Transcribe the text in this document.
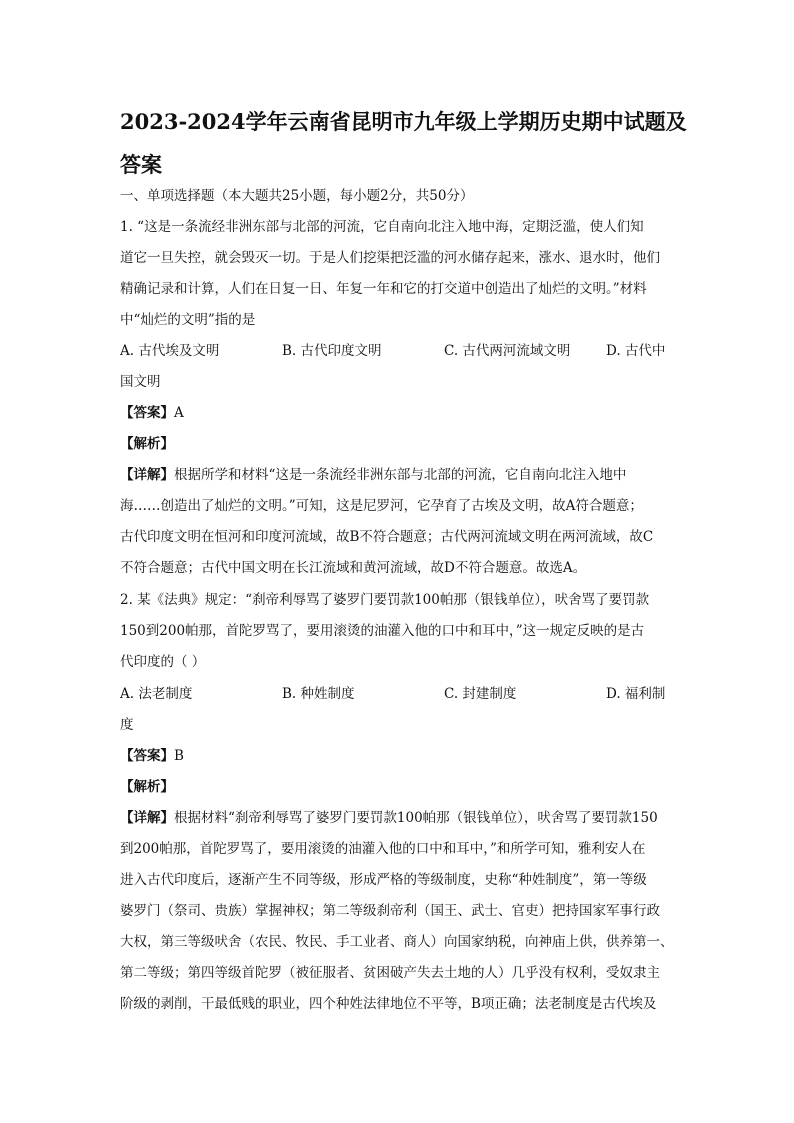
2023-2024学年云南省昆明市九年级上学期历史期中试题及
答案

一、单项选择题（本大题共25小题，每小题2分，共50分）

1. “这是一条流经非洲东部与北部的河流，它自南向北注入地中海，定期泛滥，使人们知

道它一旦失控，就会毁灭一切。于是人们挖渠把泛滥的河水储存起来，涨水、退水时，他们

精确记录和计算，人们在日复一日、年复一年和它的打交道中创造出了灿烂的文明。”材料

中“灿烂的文明”指的是

A. 古代埃及文明	B. 古代印度文明	C. 古代两河流域文明	D. 古代中

国文明

【答案】A

【解析】

【详解】根据所学和材料“这是一条流经非洲东部与北部的河流，它自南向北注入地中

海……创造出了灿烂的文明。”可知，这是尼罗河，它孕育了古埃及文明，故A符合题意；

古代印度文明在恒河和印度河流域，故B不符合题意；古代两河流域文明在两河流域，故C

不符合题意；古代中国文明在长江流域和黄河流域，故D不符合题意。故选A。

2. 某《法典》规定：“刹帝利辱骂了婆罗门要罚款100帕那（银钱单位），吠舍骂了要罚款

150到200帕那，首陀罗骂了，要用滚烫的油灌入他的口中和耳中，”这一规定反映的是古

代印度的（ ）

A. 法老制度	B. 种姓制度	C. 封建制度	D. 福利制

度

【答案】B

【解析】

【详解】根据材料“刹帝利辱骂了婆罗门要罚款100帕那（银钱单位），吠舍骂了要罚款150

到200帕那，首陀罗骂了，要用滚烫的油灌入他的口中和耳中，”和所学可知，雅利安人在

进入古代印度后，逐渐产生不同等级，形成严格的等级制度，史称“种姓制度”，第一等级

婆罗门（祭司、贵族）掌握神权；第二等级刹帝利（国王、武士、官吏）把持国家军事行政

大权，第三等级吠舍（农民、牧民、手工业者、商人）向国家纳税，向神庙上供，供养第一、

第二等级；第四等级首陀罗（被征服者、贫困破产失去土地的人）几乎没有权利，受奴隶主

阶级的剥削，干最低贱的职业，四个种姓法律地位不平等，B项正确；法老制度是古代埃及
